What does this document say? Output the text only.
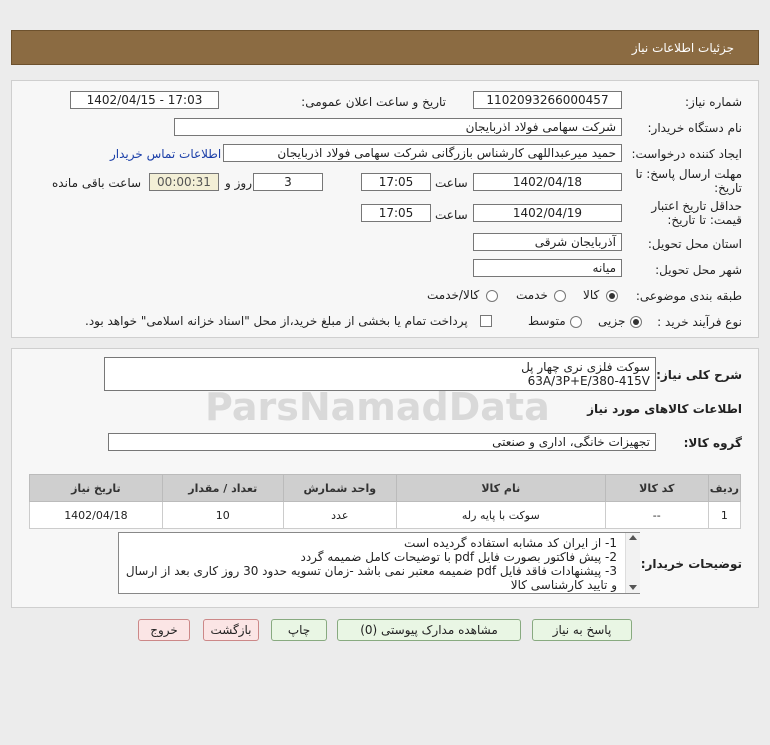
جزئیات اطلاعات نیاز
شماره نیاز:
1102093266000457
تاریخ و ساعت اعلان عمومی:
1402/04/15 - 17:03
نام دستگاه خریدار:
شرکت سهامی فولاد اذربایجان
ایجاد کننده درخواست:
حمید میرعبداللهی کارشناس بازرگانی شرکت سهامی فولاد اذربایجان
اطلاعات تماس خریدار
مهلت ارسال پاسخ: تا
تاریخ:
1402/04/18
ساعت
17:05
3
روز و
00:00:31
ساعت باقی مانده
حداقل تاریخ اعتبار
قیمت: تا تاریخ:
1402/04/19
ساعت
17:05
استان محل تحویل:
آذربایجان شرقی
شهر محل تحویل:
میانه
طبقه بندی موضوعی:
کالا
خدمت
کالا/خدمت
نوع فرآیند خرید :
جزیی
متوسط
پرداخت تمام یا بخشی از مبلغ خرید،از محل "اسناد خزانه اسلامی" خواهد بود.
شرح کلی نیاز:
سوکت فلزی نری چهار پل
63A/3P+E/380-415V
اطلاعات کالاهای مورد نیاز
گروه کالا:
تجهیزات خانگی، اداری و صنعتی
ردیف	کد کالا	نام کالا	واحد شمارش	تعداد / مقدار	تاریخ نیاز
1	--	سوکت با پایه رله	عدد	10	1402/04/18
توضیحات خریدار:
1- از ایران کد مشابه استفاده گردیده است
2- پیش فاکتور بصورت فایل pdf با توضیحات کامل ضمیمه گردد
3- پیشنهادات فاقد فایل pdf ضمیمه معتبر نمی باشد -زمان تسویه حدود 30 روز کاری بعد از ارسال و تایید کارشناسی کالا
پاسخ به نیاز
مشاهده مدارک پیوستی (0)
چاپ
بازگشت
خروج
ParsNamadData
